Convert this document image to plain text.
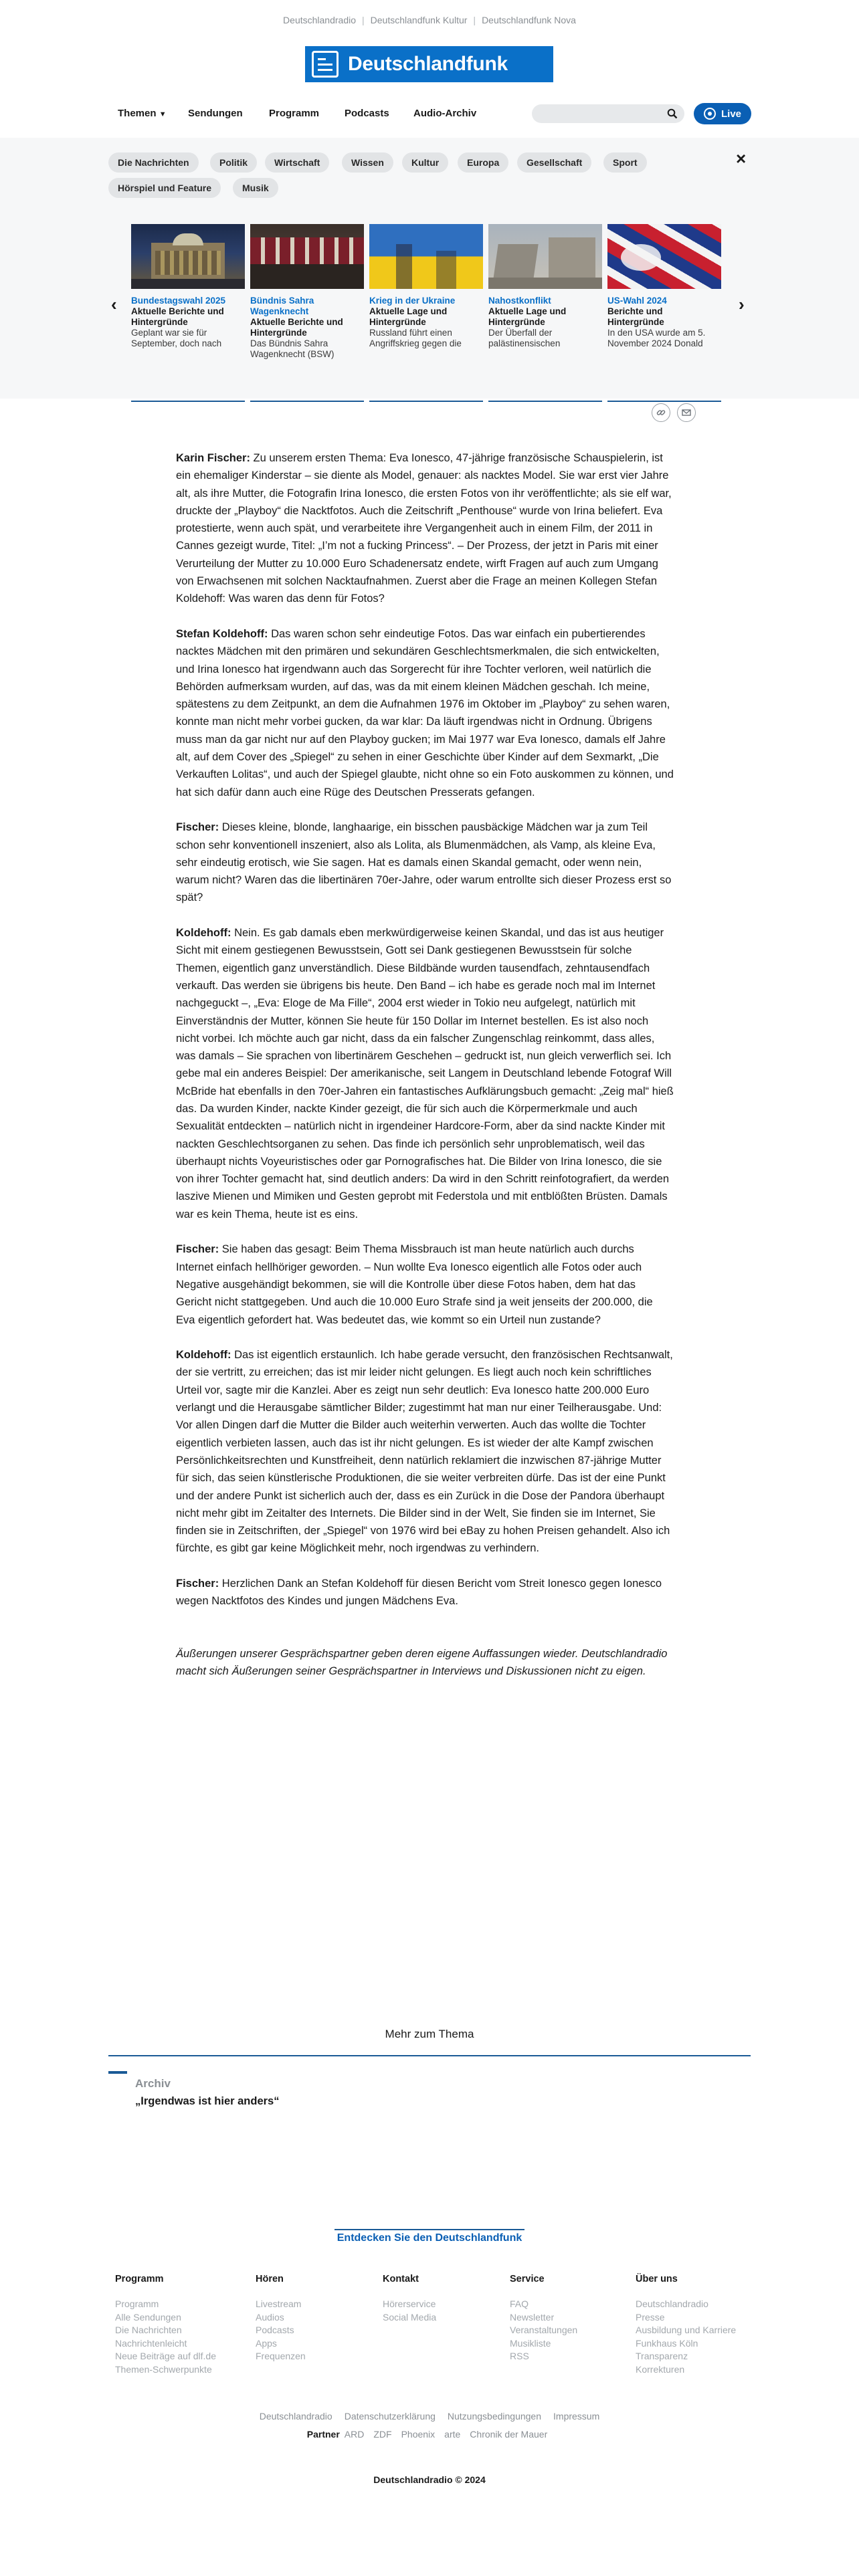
Deutschlandradio | Deutschlandfunk Kultur | Deutschlandfunk Nova
Deutschlandfunk
Themen ▼ Sendungen	Programm	Podcasts Audio-Archiv	Live
Die Nachrichten	Politik	Wirtschaft	Wissen	Kultur	Europa	Gesellschaft	Sport
Hörspiel und Feature	Musik
×
‹	›
Bundestagswahl 2025
Aktuelle Berichte und Hintergründe
Geplant war sie für September, doch nach
Bündnis Sahra Wagenknecht
Aktuelle Berichte und Hintergründe
Das Bündnis Sahra Wagenknecht (BSW)
Krieg in der Ukraine
Aktuelle Lage und Hintergründe
Russland führt einen Angriffskrieg gegen die
Nahostkonflikt
Aktuelle Lage und Hintergründe
Der Überfall der palästinensischen
US-Wahl 2024
Berichte und Hintergründe
In den USA wurde am 5. November 2024 Donald

Karin Fischer: Zu unserem ersten Thema: Eva Ionesco, 47-jährige französische Schauspielerin, ist ein ehemaliger Kinderstar – sie diente als Model, genauer: als nacktes Model. Sie war erst vier Jahre alt, als ihre Mutter, die Fotografin Irina Ionesco, die ersten Fotos von ihr veröffentlichte; als sie elf war, druckte der „Playboy“ die Nacktfotos. Auch die Zeitschrift „Penthouse“ wurde von Irina beliefert. Eva protestierte, wenn auch spät, und verarbeitete ihre Vergangenheit auch in einem Film, der 2011 in Cannes gezeigt wurde, Titel: „I’m not a fucking Princess“. – Der Prozess, der jetzt in Paris mit einer Verurteilung der Mutter zu 10.000 Euro Schadenersatz endete, wirft Fragen auf auch zum Umgang von Erwachsenen mit solchen Nacktaufnahmen. Zuerst aber die Frage an meinen Kollegen Stefan Koldehoff: Was waren das denn für Fotos?

Stefan Koldehoff: Das waren schon sehr eindeutige Fotos. Das war einfach ein pubertierendes nacktes Mädchen mit den primären und sekundären Geschlechtsmerkmalen, die sich entwickelten, und Irina Ionesco hat irgendwann auch das Sorgerecht für ihre Tochter verloren, weil natürlich die Behörden aufmerksam wurden, auf das, was da mit einem kleinen Mädchen geschah. Ich meine, spätestens zu dem Zeitpunkt, an dem die Aufnahmen 1976 im Oktober im „Playboy“ zu sehen waren, konnte man nicht mehr vorbei gucken, da war klar: Da läuft irgendwas nicht in Ordnung. Übrigens muss man da gar nicht nur auf den Playboy gucken; im Mai 1977 war Eva Ionesco, damals elf Jahre alt, auf dem Cover des „Spiegel“ zu sehen in einer Geschichte über Kinder auf dem Sexmarkt, „Die Verkauften Lolitas“, und auch der Spiegel glaubte, nicht ohne so ein Foto auskommen zu können, und hat sich dafür dann auch eine Rüge des Deutschen Presserats gefangen.

Fischer: Dieses kleine, blonde, langhaarige, ein bisschen pausbäckige Mädchen war ja zum Teil schon sehr konventionell inszeniert, also als Lolita, als Blumenmädchen, als Vamp, als kleine Eva, sehr eindeutig erotisch, wie Sie sagen. Hat es damals einen Skandal gemacht, oder wenn nein, warum nicht? Waren das die libertinären 70er-Jahre, oder warum entrollte sich dieser Prozess erst so spät?

Koldehoff: Nein. Es gab damals eben merkwürdigerweise keinen Skandal, und das ist aus heutiger Sicht mit einem gestiegenen Bewusstsein, Gott sei Dank gestiegenen Bewusstsein für solche Themen, eigentlich ganz unverständlich. Diese Bildbände wurden tausendfach, zehntausendfach verkauft. Das werden sie übrigens bis heute. Den Band – ich habe es gerade noch mal im Internet nachgeguckt –, „Eva: Eloge de Ma Fille“, 2004 erst wieder in Tokio neu aufgelegt, natürlich mit Einverständnis der Mutter, können Sie heute für 150 Dollar im Internet bestellen. Es ist also noch nicht vorbei. Ich möchte auch gar nicht, dass da ein falscher Zungenschlag reinkommt, dass alles, was damals – Sie sprachen von libertinärem Geschehen – gedruckt ist, nun gleich verwerflich sei. Ich gebe mal ein anderes Beispiel: Der amerikanische, seit Langem in Deutschland lebende Fotograf Will McBride hat ebenfalls in den 70er-Jahren ein fantastisches Aufklärungsbuch gemacht: „Zeig mal“ hieß das. Da wurden Kinder, nackte Kinder gezeigt, die für sich auch die Körpermerkmale und auch Sexualität entdeckten – natürlich nicht in irgendeiner Hardcore-Form, aber da sind nackte Kinder mit nackten Geschlechtsorganen zu sehen. Das finde ich persönlich sehr unproblematisch, weil das überhaupt nichts Voyeuristisches oder gar Pornografisches hat. Die Bilder von Irina Ionesco, die sie von ihrer Tochter gemacht hat, sind deutlich anders: Da wird in den Schritt reinfotografiert, da werden laszive Mienen und Mimiken und Gesten geprobt mit Federstola und mit entblößten Brüsten. Damals war es kein Thema, heute ist es eins.

Fischer: Sie haben das gesagt: Beim Thema Missbrauch ist man heute natürlich auch durchs Internet einfach hellhöriger geworden. – Nun wollte Eva Ionesco eigentlich alle Fotos oder auch Negative ausgehändigt bekommen, sie will die Kontrolle über diese Fotos haben, dem hat das Gericht nicht stattgegeben. Und auch die 10.000 Euro Strafe sind ja weit jenseits der 200.000, die Eva eigentlich gefordert hat. Was bedeutet das, wie kommt so ein Urteil nun zustande?

Koldehoff: Das ist eigentlich erstaunlich. Ich habe gerade versucht, den französischen Rechtsanwalt, der sie vertritt, zu erreichen; das ist mir leider nicht gelungen. Es liegt auch noch kein schriftliches Urteil vor, sagte mir die Kanzlei. Aber es zeigt nun sehr deutlich: Eva Ionesco hatte 200.000 Euro verlangt und die Herausgabe sämtlicher Bilder; zugestimmt hat man nur einer Teilherausgabe. Und: Vor allen Dingen darf die Mutter die Bilder auch weiterhin verwerten. Auch das wollte die Tochter eigentlich verbieten lassen, auch das ist ihr nicht gelungen. Es ist wieder der alte Kampf zwischen Persönlichkeitsrechten und Kunstfreiheit, denn natürlich reklamiert die inzwischen 87-jährige Mutter für sich, das seien künstlerische Produktionen, die sie weiter verbreiten dürfe. Das ist der eine Punkt und der andere Punkt ist sicherlich auch der, dass es ein Zurück in die Dose der Pandora überhaupt nicht mehr gibt im Zeitalter des Internets. Die Bilder sind in der Welt, Sie finden sie im Internet, Sie finden sie in Zeitschriften, der „Spiegel“ von 1976 wird bei eBay zu hohen Preisen gehandelt. Also ich fürchte, es gibt gar keine Möglichkeit mehr, noch irgendwas zu verhindern.

Fischer: Herzlichen Dank an Stefan Koldehoff für diesen Bericht vom Streit Ionesco gegen Ionesco wegen Nacktfotos des Kindes und jungen Mädchens Eva.

Äußerungen unserer Gesprächspartner geben deren eigene Auffassungen wieder. Deutschlandradio macht sich Äußerungen seiner Gesprächspartner in Interviews und Diskussionen nicht zu eigen.

Mehr zum Thema
Archiv
„Irgendwas ist hier anders“
Entdecken Sie den Deutschlandfunk
Programm
Programm
Alle Sendungen
Die Nachrichten
Nachrichtenleicht
Neue Beiträge auf dlf.de
Themen-Schwerpunkte
Hören
Livestream
Audios
Podcasts
Apps
Frequenzen
Kontakt
Hörerservice
Social Media
Service
FAQ
Newsletter
Veranstaltungen
Musikliste
RSS
Über uns
Deutschlandradio
Presse
Ausbildung und Karriere
Funkhaus Köln
Transparenz
Korrekturen
Deutschlandradio Datenschutzerklärung Nutzungsbedingungen Impressum
Partner ARD ZDF Phoenix arte Chronik der Mauer
Deutschlandradio © 2024
